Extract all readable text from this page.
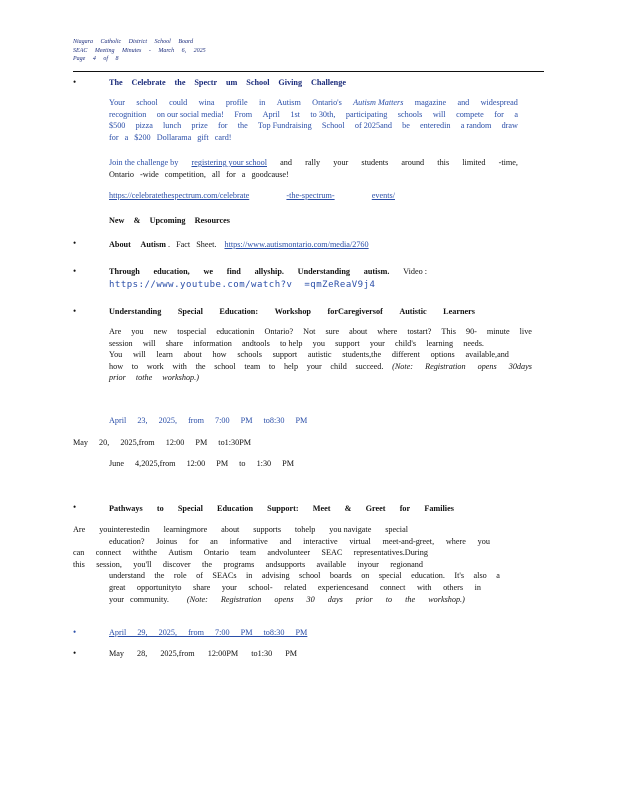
Niagara Catholic District School Board
SEAC Meeting Minutes - March 6, 2025
Page 4 of 8
•	The Celebrate the Spectr um School Giving Challenge
Your school could wina profile in Autism Ontario's Autism Matters magazine and widespread
recognition on our social media! From April 1st to 30th, participating schools will compete for a
$500 pizza lunch prize for the Top Fundraising School of 2025and be enteredin a random draw
for a $200 Dollarama gift card!
Join the challenge by registering your school and rally your students around this limited -time,
Ontario -wide competition, all for a goodcause!
https://celebratethespectrum.com/celebrate	-the-spectrum-	events/
New & Upcoming Resources
•	About Autism . Fact Sheet. https://www.autismontario.com/media/2760
•	Through education, we find allyship. Understanding autism. Video :
https://www.youtube.com/watch?v =qmZeReaV9j4
•	Understanding Special Education: Workshop forCaregiversof Autistic Learners
Are you new tospecial educationin Ontario? Not sure about where tostart? This 90- minute live
session will share information andtools to help you support your child's learning needs.
You will learn about how schools support autistic students,the different options available,and
how to work with the school team to help your child succeed. (Note: Registration opens 30days
prior tothe workshop.)
April 23, 2025, from 7:00 PM to8:30 PM
May 20, 2025,from 12:00 PM to1:30PM
June 4,2025,from 12:00 PM to 1:30 PM
•	Pathways to Special Education Support: Meet & Greet for Families
Are youinterestedin learningmore about supports tohelp you navigate special
education? Joinus for an informative and interactive virtual meet-and-greet, where you
can connect withthe Autism Ontario team andvolunteer SEAC representatives.During
this session, you'll discover the programs andsupports available inyour regionand
understand the role of SEACs in advising school boards on special education. It's also a
great opportunityto share your school- related experiencesand connect with others in
your community. (Note: Registration opens 30 days prior to the workshop.)
•	April 29, 2025, from 7:00 PM to8:30 PM
•	May 28, 2025,from 12:00PM to1:30 PM
